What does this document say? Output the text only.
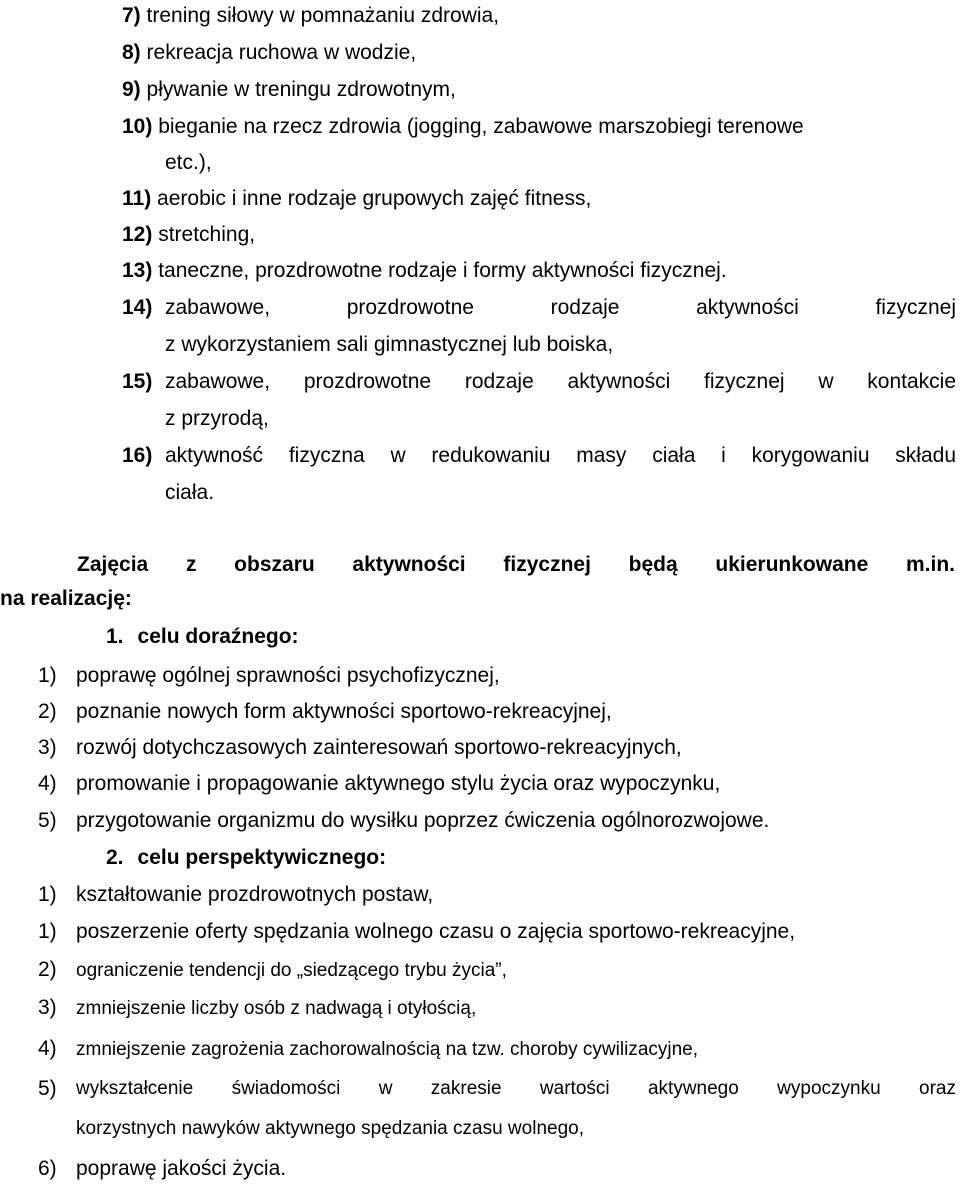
7) trening siłowy w pomnażaniu zdrowia,
8) rekreacja ruchowa w wodzie,
9) pływanie w treningu zdrowotnym,
10) bieganie na rzecz zdrowia (jogging, zabawowe marszobiegi terenowe
etc.),
11) aerobic i inne rodzaje grupowych zajęć fitness,
12) stretching,
13) taneczne, prozdrowotne rodzaje i formy aktywności fizycznej.
14) zabawowe, prozdrowotne rodzaje aktywności fizycznej
z wykorzystaniem sali gimnastycznej lub boiska,
15) zabawowe, prozdrowotne rodzaje aktywności fizycznej w kontakcie
z przyrodą,
16) aktywność fizyczna w redukowaniu masy ciała i korygowaniu składu
ciała.
Zajęcia z obszaru aktywności fizycznej będą ukierunkowane m.in.
na realizację:
1. celu doraźnego:
1) poprawę ogólnej sprawności psychofizycznej,
2) poznanie nowych form aktywności sportowo-rekreacyjnej,
3) rozwój dotychczasowych zainteresowań sportowo-rekreacyjnych,
4) promowanie i propagowanie aktywnego stylu życia oraz wypoczynku,
5) przygotowanie organizmu do wysiłku poprzez ćwiczenia ogólnorozwojowe.
2. celu perspektywicznego:
1) kształtowanie prozdrowotnych postaw,
1) poszerzenie oferty spędzania wolnego czasu o zajęcia sportowo-rekreacyjne,
2) ograniczenie tendencji do „siedzącego trybu życia”,
3) zmniejszenie liczby osób z nadwagą i otyłością,
4) zmniejszenie zagrożenia zachorowalnością na tzw. choroby cywilizacyjne,
5)	wykształcenie świadomości w zakresie wartości aktywnego wypoczynku oraz
korzystnych nawyków aktywnego spędzania czasu wolnego,
6) poprawę jakości życia.
